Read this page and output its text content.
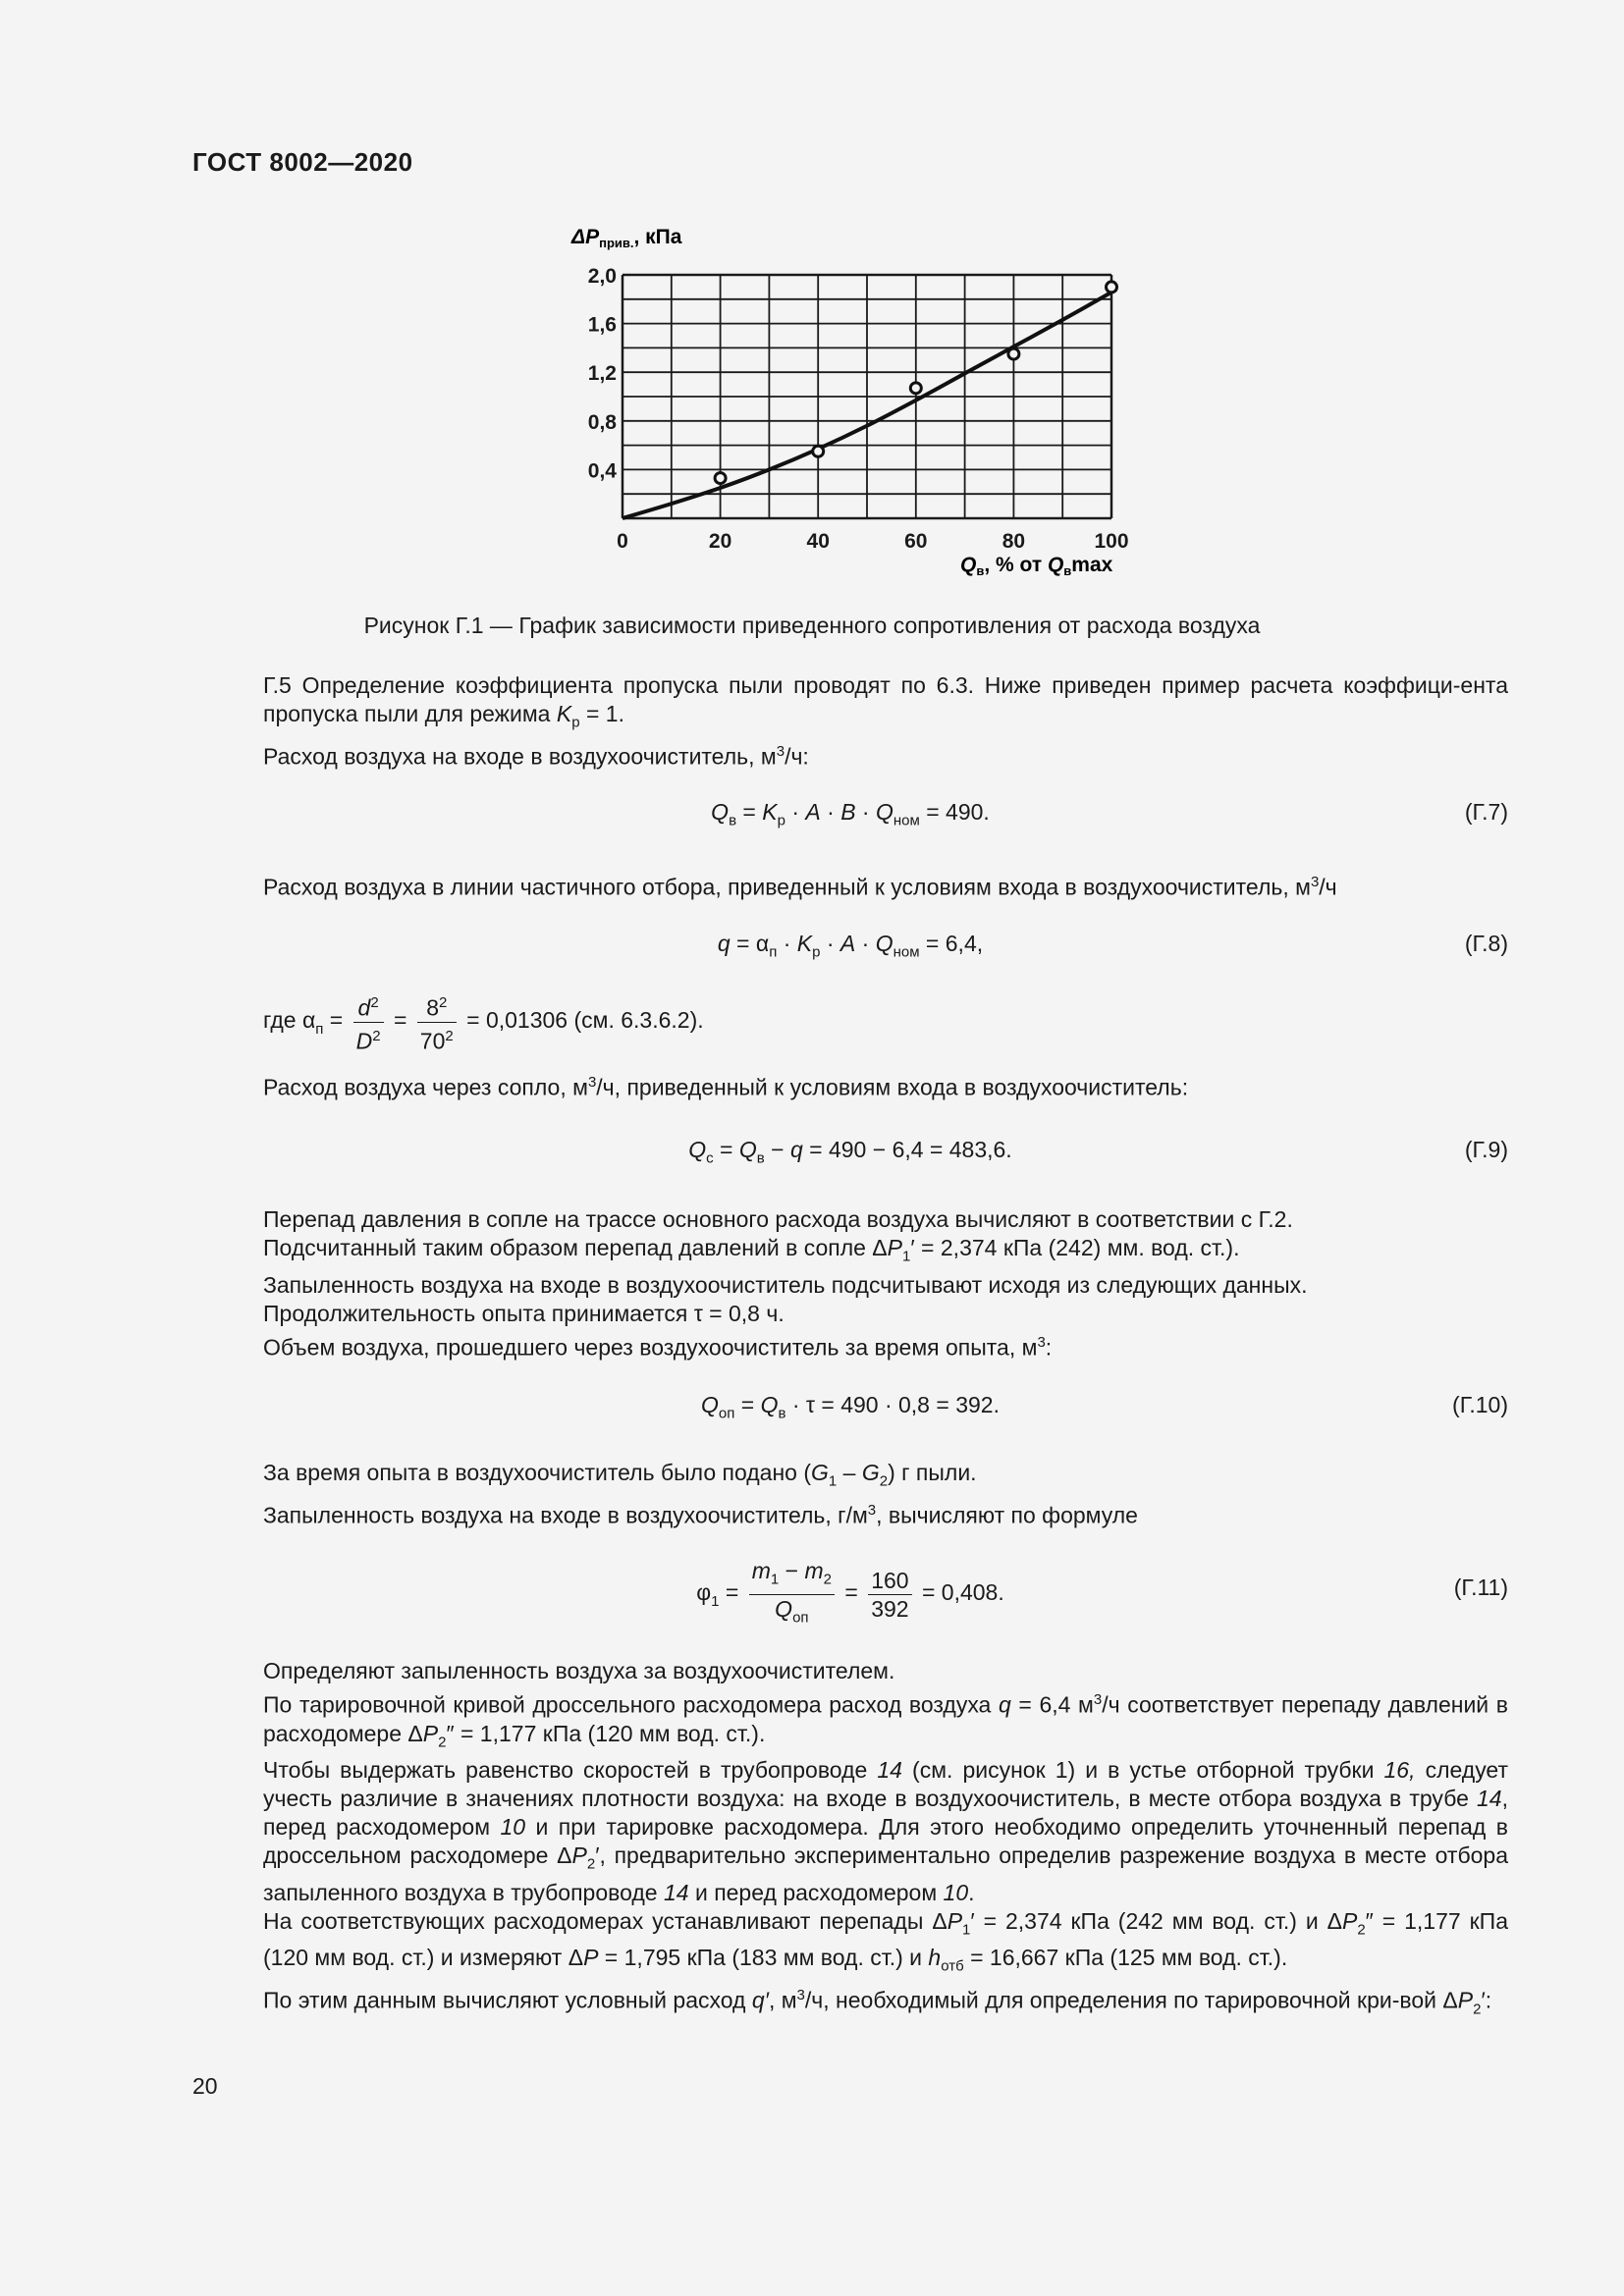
ГОСТ 8002—2020
0	20	40	60	80	100
0,4
0,8
1,2
1,6
2,0
ΔPприв., кПа
Qв, % от Qвmax
Рисунок Г.1 — График зависимости приведенного сопротивления от расхода воздуха

Г.5 Определение коэффициента пропуска пыли проводят по 6.3. Ниже приведен пример расчета коэффици-ента пропуска пыли для режима $K_р = 1$.

Расход воздуха на входе в воздухоочиститель, $м^3/ч$:

$Q_в = K_р \cdot A \cdot B \cdot Q_{ном} = 490$.	(Г.7)

Расход воздуха в линии частичного отбора, приведенный к условиям входа в воздухоочиститель, $м^3/ч$

$q = \alpha_п \cdot K_р \cdot A \cdot Q_{ном} = 6,4$,	(Г.8)
где $\alpha_п = \frac{d^2}{D^2} = \frac{8^2}{70^2} = 0,01306$ (см. 6.3.6.2).

Расход воздуха через сопло, $м^3/ч$, приведенный к условиям входа в воздухоочиститель:

$Q_с = Q_в - q = 490 - 6,4 = 483,6$.	(Г.9)

Перепад давления в сопле на трассе основного расхода воздуха вычисляют в соответствии с Г.2.

Подсчитанный таким образом перепад давлений в сопле $\Delta P_1' = 2,374$ кПа (242) мм. вод. ст.).

Запыленность воздуха на входе в воздухоочиститель подсчитывают исходя из следующих данных.

Продолжительность опыта принимается τ = 0,8 ч.

Объем воздуха, прошедшего через воздухоочиститель за время опыта, $м^3$:

$Q_{оп} = Q_в \cdot \tau = 490 \cdot 0,8 = 392$.	(Г.10)

За время опыта в воздухоочиститель было подано $(G_1 - G_2)$ г пыли.

Запыленность воздуха на входе в воздухоочиститель, $г/м^3$, вычисляют по формуле

$\varphi_1 = \frac{m_1 - m_2}{Q_{оп}} = \frac{160}{392} = 0,408$.	(Г.11)

Определяют запыленность воздуха за воздухоочистителем.

По тарировочной кривой дроссельного расходомера расход воздуха q = 6,4 $м^3/ч$ соответствует перепаду давлений в расходомере $\Delta P_2'' = 1,177$ кПа (120 мм вод. ст.).

Чтобы выдержать равенство скоростей в трубопроводе 14 (см. рисунок 1) и в устье отборной трубки 16, следует учесть различие в значениях плотности воздуха: на входе в воздухоочиститель, в месте отбора воздуха в трубе 14, перед расходомером 10 и при тарировке расходомера. Для этого необходимо определить уточненный перепад в дроссельном расходомере $\Delta P_2'$, предварительно экспериментально определив разрежение воздуха в месте отбора запыленного воздуха в трубопроводе 14 и перед расходомером 10.

На соответствующих расходомерах устанавливают перепады $\Delta P_1' = 2,374$ кПа (242 мм вод. ст.) и $\Delta P_2'' = 1,177$ кПа (120 мм вод. ст.) и измеряют ΔP = 1,795 кПа (183 мм вод. ст.) и $h_{отб} = 16,667$ кПа (125 мм вод. ст.).

По этим данным вычисляют условный расход q′, $м^3/ч$, необходимый для определения по тарировочной кри-вой $\Delta P_2'$:

20
